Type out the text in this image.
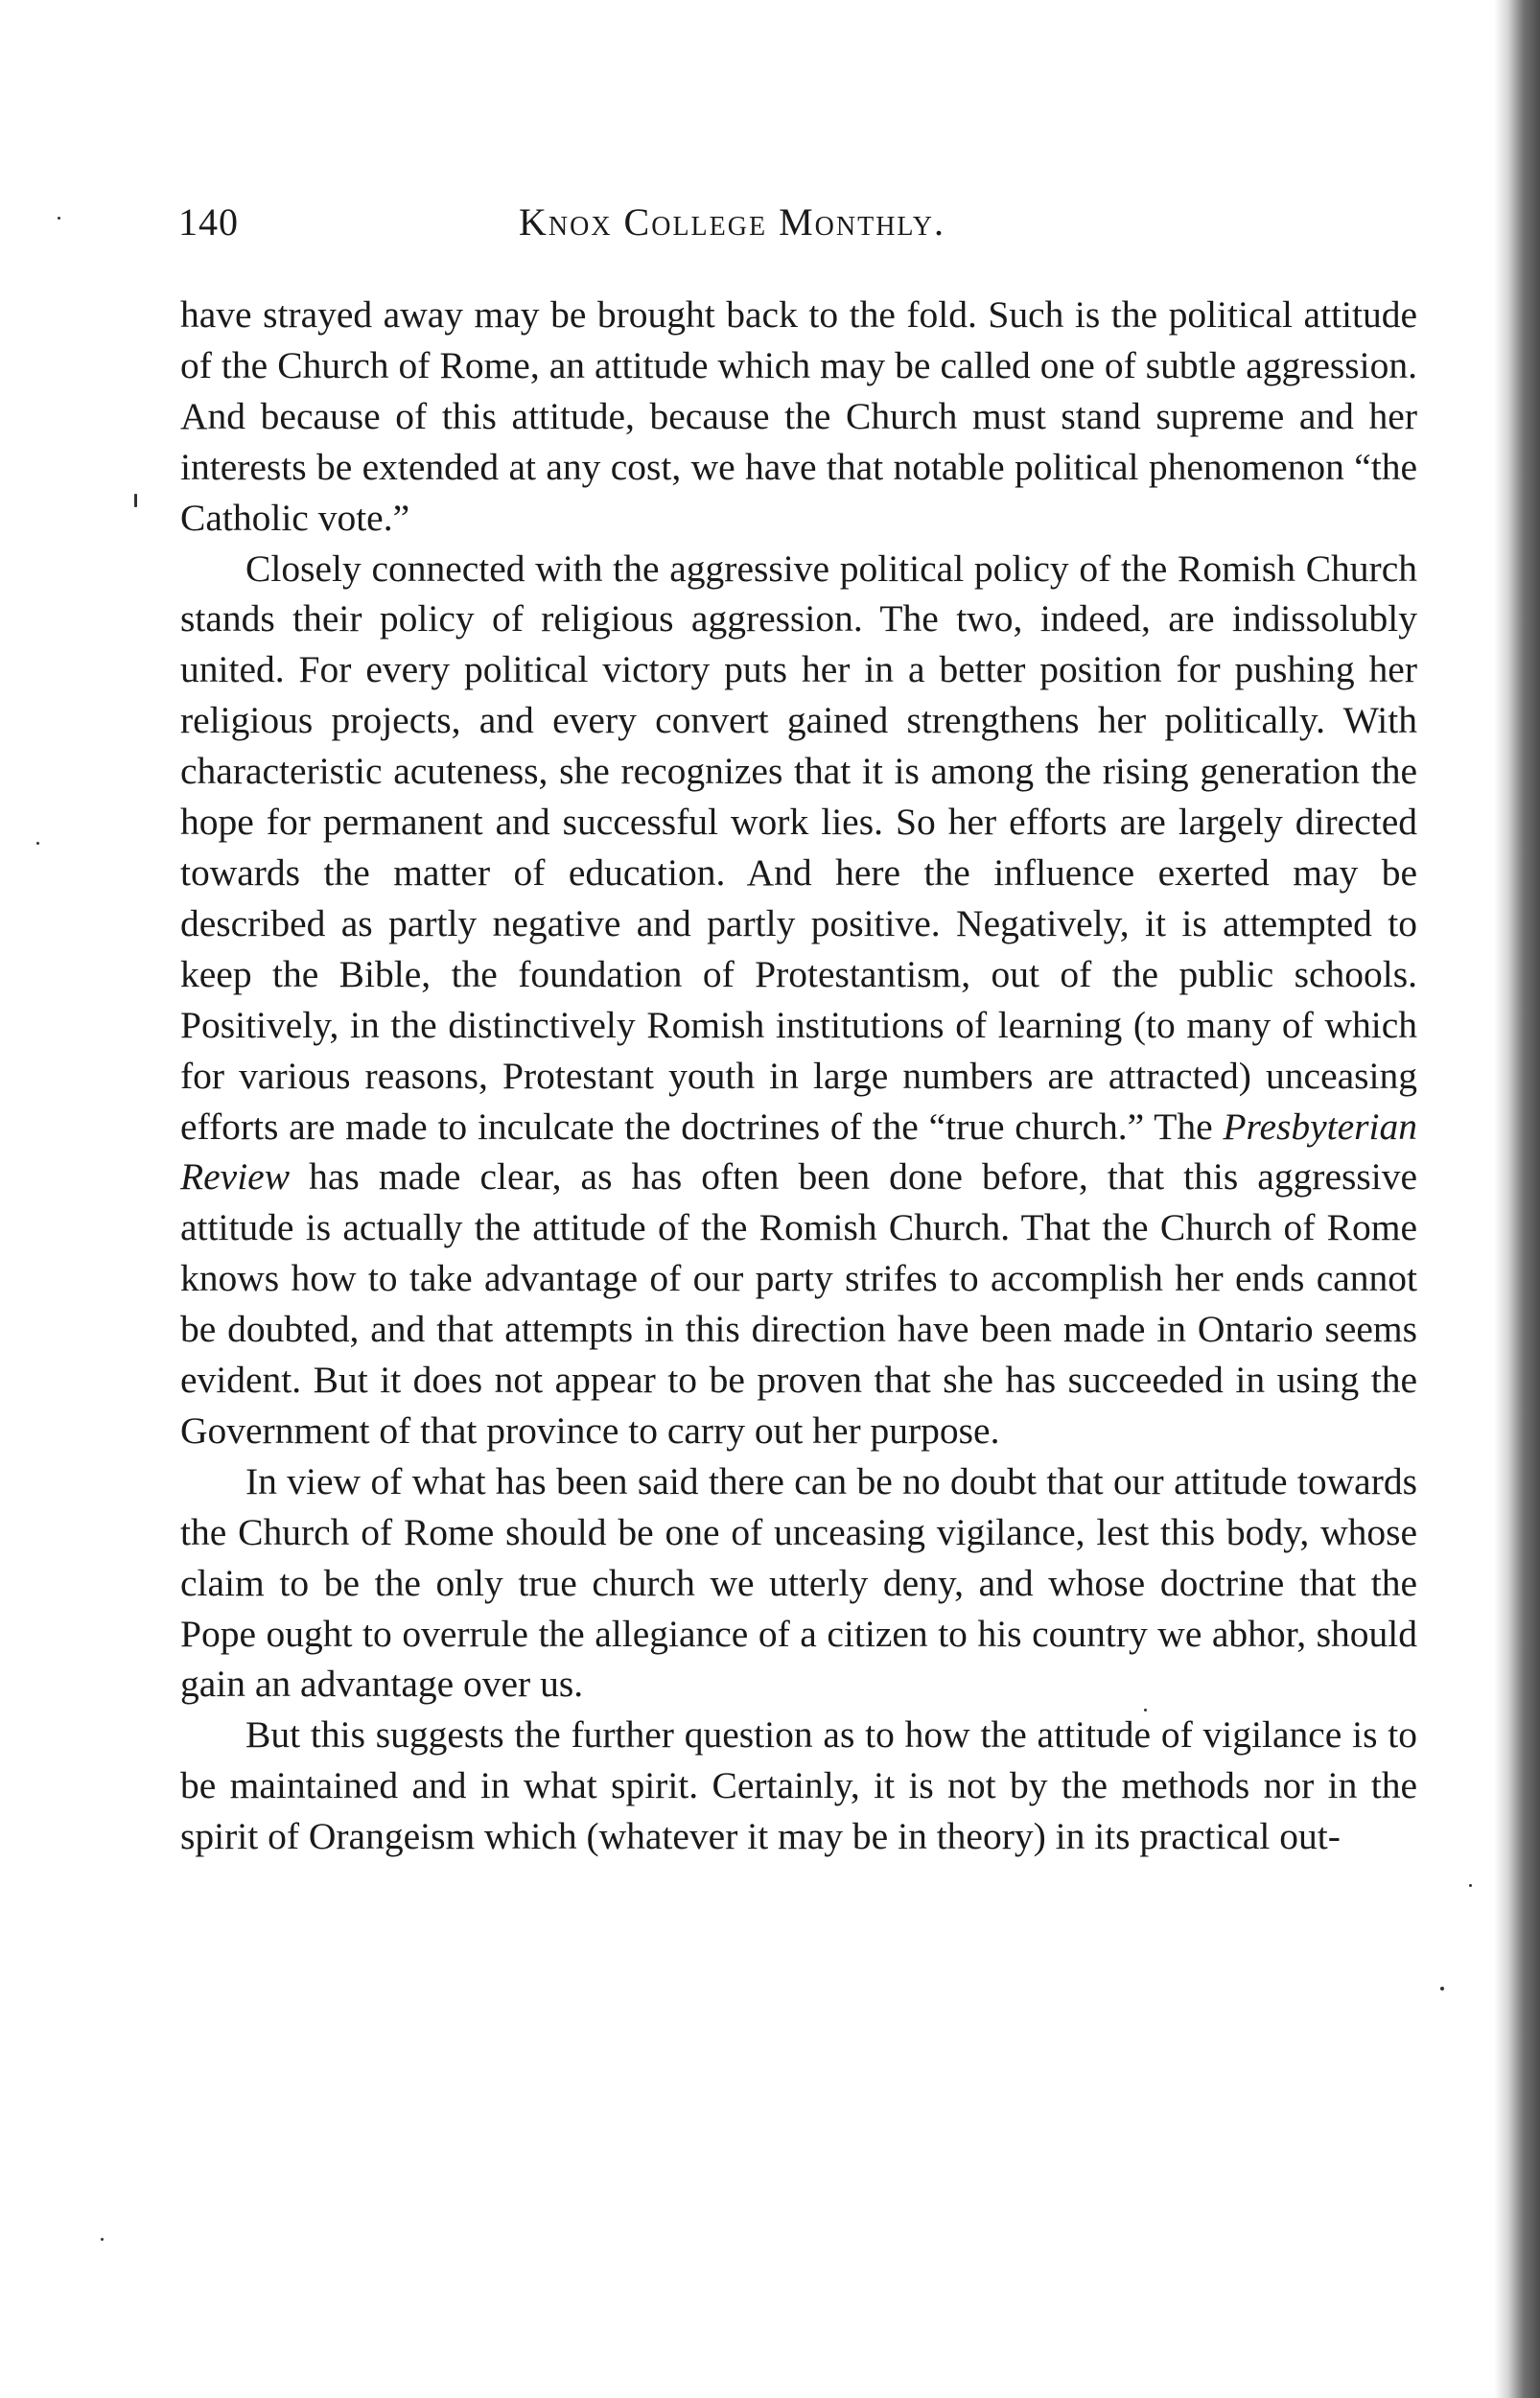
140	Knox College Monthly.

have strayed away may be brought back to the fold. Such is the political attitude of the Church of Rome, an attitude which may be called one of subtle aggression. And because of this attitude, because the Church must stand supreme and her interests be extended at any cost, we have that notable political phenomenon “the Catholic vote.”

Closely connected with the aggressive political policy of the Romish Church stands their policy of religious aggression. The two, indeed, are indissolubly united. For every political victory puts her in a better position for pushing her religious projects, and every convert gained strengthens her politically. With characteristic acuteness, she recognizes that it is among the rising generation the hope for permanent and successful work lies. So her efforts are largely directed towards the matter of education. And here the influence exerted may be described as partly negative and partly positive. Negatively, it is attempted to keep the Bible, the foundation of Protestantism, out of the public schools. Positively, in the distinctively Romish institutions of learning (to many of which for various reasons, Protestant youth in large numbers are attracted) unceasing efforts are made to inculcate the doctrines of the “true church.” The Presbyterian Review has made clear, as has often been done before, that this aggressive attitude is actually the attitude of the Romish Church. That the Church of Rome knows how to take advantage of our party strifes to accomplish her ends cannot be doubted, and that attempts in this direction have been made in Ontario seems evident. But it does not appear to be proven that she has succeeded in using the Government of that province to carry out her purpose.

In view of what has been said there can be no doubt that our attitude towards the Church of Rome should be one of unceasing vigilance, lest this body, whose claim to be the only true church we utterly deny, and whose doctrine that the Pope ought to overrule the allegiance of a citizen to his country we abhor, should gain an advantage over us.

But this suggests the further question as to how the attitude of vigilance is to be maintained and in what spirit. Certainly, it is not by the methods nor in the spirit of Orangeism which (whatever it may be in theory) in its practical out-
